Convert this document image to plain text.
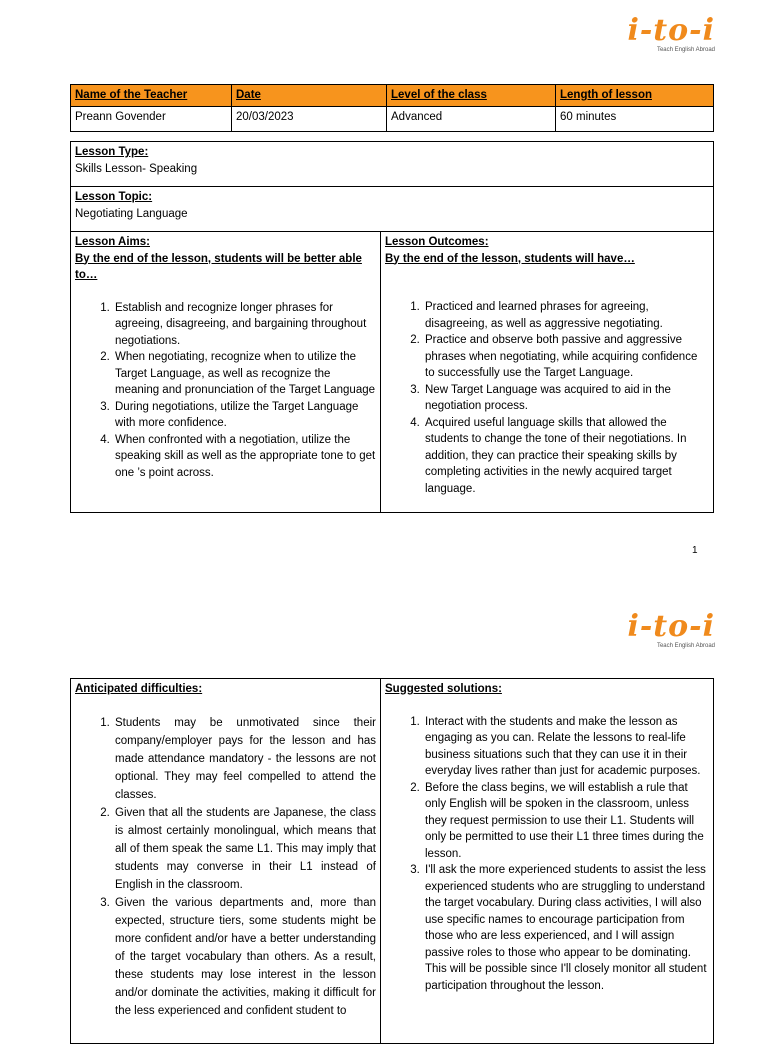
i-to-i
Teach English Abroad
Name of the Teacher	Date	Level of the class	Length of lesson
Preann Govender	20/03/2023	Advanced	60 minutes
Lesson Type:
Skills Lesson- Speaking

Lesson Topic:
Negotiating Language

Lesson Aims:
By the end of the lesson, students will be better able to…
1. Establish and recognize longer phrases for agreeing, disagreeing, and bargaining throughout negotiations.
2. When negotiating, recognize when to utilize the Target Language, as well as recognize the meaning and pronunciation of the Target Language
3. During negotiations, utilize the Target Language with more confidence.
4. When confronted with a negotiation, utilize the speaking skill as well as the appropriate tone to get one ’s point across.

Lesson Outcomes:
By the end of the lesson, students will have…
1. Practiced and learned phrases for agreeing, disagreeing, as well as aggressive negotiating.
2. Practice and observe both passive and aggressive phrases when negotiating, while acquiring confidence to successfully use the Target Language.
3. New Target Language was acquired to aid in the negotiation process.
4. Acquired useful language skills that allowed the students to change the tone of their negotiations. In addition, they can practice their speaking skills by completing activities in the newly acquired target language.
1
i-to-i
Teach English Abroad
Anticipated difficulties:
1. Students may be unmotivated since their company/employer pays for the lesson and has made attendance mandatory - the lessons are not optional. They may feel compelled to attend the classes.
2. Given that all the students are Japanese, the class is almost certainly monolingual, which means that all of them speak the same L1. This may imply that students may converse in their L1 instead of English in the classroom.
3. Given the various departments and, more than expected, structure tiers, some students might be more confident and/or have a better understanding of the target vocabulary than others. As a result, these students may lose interest in the lesson and/or dominate the activities, making it difficult for the less experienced and confident student to

Suggested solutions:
1. Interact with the students and make the lesson as engaging as you can. Relate the lessons to real-life business situations such that they can use it in their everyday lives rather than just for academic purposes.
2. Before the class begins, we will establish a rule that only English will be spoken in the classroom, unless they request permission to use their L1. Students will only be permitted to use their L1 three times during the lesson.
3. I'll ask the more experienced students to assist the less experienced students who are struggling to understand the target vocabulary. During class activities, I will also use specific names to encourage participation from those who are less experienced, and I will assign passive roles to those who appear to be dominating. This will be possible since I'll closely monitor all student participation throughout the lesson.
